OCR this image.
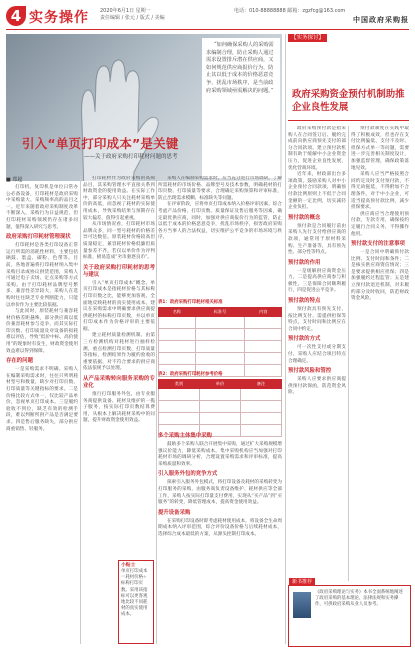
4 实务操作 2020年6月1日 星期一
责任编辑 / 张元 / 版式 / 美编
电话：010-88888888 邮箱：zgzfcg@163.com
中国政府采购报

“如何确保采购人的采购需求编制合理，防止采购人通过需求设置排斥潜在供应商，又如何规范供应商报价行为，防止其以低于成本的价格恶意竞争、扰乱市场秩序，是当前政府采购领域亟需解决的问题。”

引入“单页打印成本”是关键
——关于政府采购打印耗材问题的思考
■ 郑超

打印机、复印机是单位日常办公必备设备，打印耗材是政府采购中采购量大、采购频率高的品目之一。近年来随着政府采购制度改革不断深入，采购行为日益规范，但打印耗材采购领域仍存在诸多问题，值得深入研究与思考。

政府采购打印耗材管理现状

打印耗材是各类打印设备正常运行所需的消耗性材料，主要包括硒鼓、墨盒、碳粉、色带等。目前，各地普遍将打印耗材纳入集中采购目录或协议供货范围，采购人可通过电子卖场、定点采购等方式采购。由于打印耗材品牌型号繁多、兼容性差异较大，采购人在选购时往往缺乏专业判断能力，只能以单价作为主要比较依据。

与此同时，原装耗材与兼容耗材价格差距悬殊，部分供应商以低价兼容耗材参与竞争，而其实际打印页数、打印质量及对设备的损耗难以评估，导致“低价中标、高价使用”的现象时有发生，财政资金使用效益难以得到保障。

存在的问题

一是采购需求不明确。采购人在编制采购需求时，往往只列明耗材型号和数量，缺少对打印页数、打印质量等关键指标的要求。二是价格比较方式单一，仅比较产品单价，忽视单页打印成本。三是履约验收不到位，缺乏有效的检测手段，难以判断所供产品是否满足要求。四是售后服务缺失，部分供应商重销售、轻服务。

打印耗材作为政府采购的高频品目，其采购管理水平直接关系到财政资金的使用效益。在实际工作中，部分采购人只关注耗材采购单价的高低，而忽视了耗材的实际使用成本，导致采购结果与预期存在较大偏差，值得引起重视。

从市场情况看，打印耗材市场品牌众多，同一型号耗材的价格差异可达数倍。原装耗材价格较高但质量稳定，兼容耗材价格低廉但质量参差不齐。若仅以单价作为评判标准，极易造成“劣币驱逐良币”。

关于政府采购打印耗材的思考与建议

引入“单页打印成本”概念。单页打印成本是指耗材价格与其标称打印页数之比，能够更加客观、全面地反映耗材的真实使用成本。建议在采购需求中明确要求供应商提供耗材的标称打印页数，并以单页打印成本作为价格评审的主要依据。

建立耗材质量检测机制。由第三方检测机构对耗材进行抽样检测，重点检测打印页数、打印质量等指标，检测结果作为履约验收的重要依据，对不符合要求的供应商依法依规予以处理。

从产品采购转向服务采购的专业化

推行打印服务外包，由专业服务商提供设备、耗材及维护的一揽子服务，按实际打印页数结算费用，从根本上解决耗材采购中的问题，提升财政资金使用效益。

采购人在编制采购需求时，应当充分进行市场调研，了解所需耗材的市场价格、品牌型号及技术参数，明确耗材的打印页数、打印质量等要求，合理确定采购预算和评审标准，防止出现需求模糊、标准缺失等问题。

在评审阶段，应将单页打印成本纳入价格评审因素，综合考虑产品价格、打印页数、质量保证及售后服务等因素，确定最优供应商。同时，加强对供应商报价行为的监管，防止以低于成本的价格恶意竞争，扰乱市场秩序，损害政府采购各方当事人的合法权益，切实维护公平竞争的市场环境与秩序。

表1：政府采购打印耗材相关标准
名称	标准号	内容

表2：政府采购打印耗材参考价格
类别	单价	备注

多个采购主体集中采购

鼓励多个采购人联合开展集中采购，通过扩大采购规模增强议价能力，降低采购成本。集中采购机构应当加强对打印耗材市场的调研分析，合理设置采购需求和评审标准，提高采购质量和效率。

引入服务外包的竞争方式

探索引入服务外包模式，将打印设备及耗材的采购转变为打印服务的采购，由服务商负责设备维护、耗材供应等全部工作，采购人按实际打印量支付费用，实现从“买产品”到“买服务”的转变，降低管理成本，提高资金使用效益。

提升设备采购

在采购打印设备时即考虑耗材使用成本，将设备全生命周期成本纳入评审范围，综合评价设备价格与后续耗材成本，选择综合成本最低的方案，从源头控制打印成本。

【实务探讨】
政府采购资金预付机制助推企业良性发展

政府采购预付款是指采购人在合同签订后、履约完成前向供应商预先支付的部分合同款项。建立预付款机制有助于缓解中小企业资金压力，促进企业良性发展，优化营商环境。

近年来，财政部出台多项政策，鼓励采购人对中小企业预付合同款项，明确预付款比例原则上不低于合同金额的一定比例，切实减轻企业负担。

预付款的概念

预付款是合同履行前由采购人先行支付给供应商的款项，通常用于原材料采购、生产准备等，具有预先性、部分性等特点。

预付款的作用

一是缓解供应商资金压力，二是提高供应商参与积极性，三是保障合同顺利履行，四是促进公平竞争。

预付款的特点

预付款具有预先支付、按比例支付、需提供担保等特点，支付时间和比例应在合同中约定。

预付款的方式

可一次性支付或分期支付，采购人应结合项目特点合理确定。

预付款风险和管控

采购人应要求供应商提供预付款保函，防范资金风险。

预付款制度在实践中取得了积极成效，但也存在支付比例偏低、支付不及时、担保方式单一等问题，需要进一步完善相关制度设计，加强监督管理，确保政策落地见效。

采购人应当严格按照合同约定及时支付预付款，不得无故拖延，不得附加不合理条件。对于中小企业，可适当提高预付款比例，减少担保要求。

供应商应当合理使用预付款，专款专用，确保按约定履行合同义务，不得挪作他用。

预付款支付的注意事项

一是合同中明确预付款比例、支付时间和条件；二是核实供应商资信情况；三是要求提供相应担保；四是加强履约过程监管；五是建立预付款退还机制，对未履约部分及时收回，防范财政资金风险。

小贴士
单页打印成本＝耗材价格÷标称打印页数。采用该指标可以更客观地比较不同耗材的真实使用成本。
新书推荐
《政府采购理论与实务》本书全面系统地阐述了政府采购的基本理论、法律法规和实务操作，可供政府采购从业人员参考。
